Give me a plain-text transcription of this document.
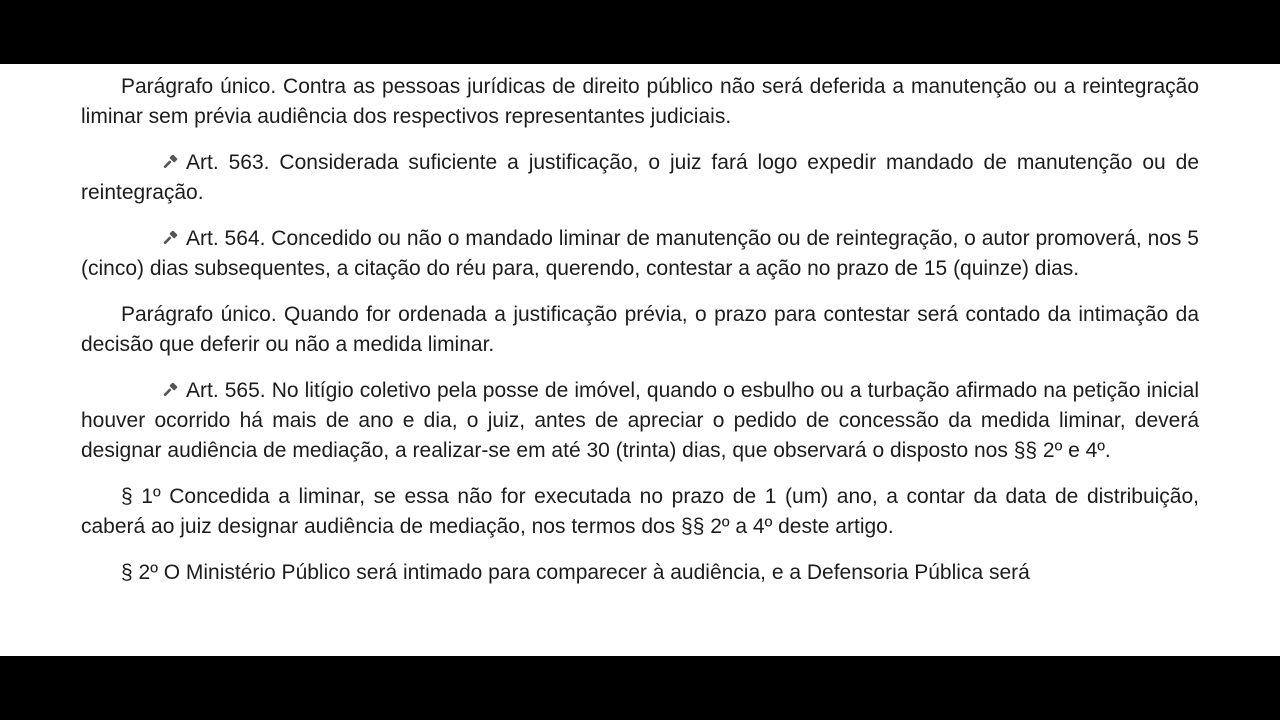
Parágrafo único. Contra as pessoas jurídicas de direito público não será deferida a manutenção ou a reintegração liminar sem prévia audiência dos respectivos representantes judiciais.

Art. 563. Considerada suficiente a justificação, o juiz fará logo expedir mandado de manutenção ou de reintegração.

Art. 564. Concedido ou não o mandado liminar de manutenção ou de reintegração, o autor promoverá, nos 5 (cinco) dias subsequentes, a citação do réu para, querendo, contestar a ação no prazo de 15 (quinze) dias.

Parágrafo único. Quando for ordenada a justificação prévia, o prazo para contestar será contado da intimação da decisão que deferir ou não a medida liminar.

Art. 565. No litígio coletivo pela posse de imóvel, quando o esbulho ou a turbação afirmado na petição inicial houver ocorrido há mais de ano e dia, o juiz, antes de apreciar o pedido de concessão da medida liminar, deverá designar audiência de mediação, a realizar-se em até 30 (trinta) dias, que observará o disposto nos §§ 2º e 4º.

§ 1º Concedida a liminar, se essa não for executada no prazo de 1 (um) ano, a contar da data de distribuição, caberá ao juiz designar audiência de mediação, nos termos dos §§ 2º a 4º deste artigo.

§ 2º O Ministério Público será intimado para comparecer à audiência, e a Defensoria Pública será
